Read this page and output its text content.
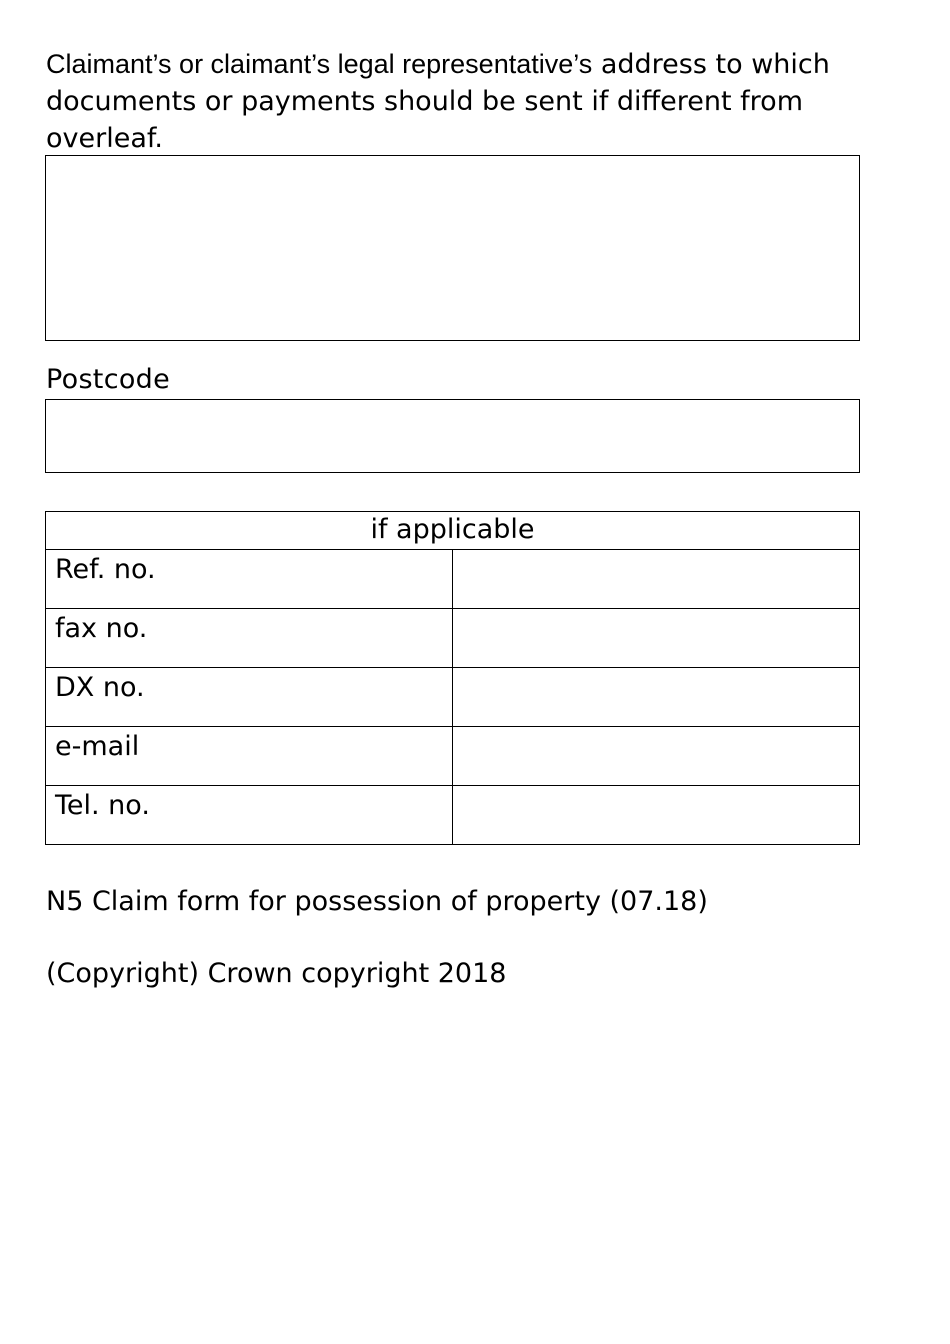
Claimant’s or claimant’s legal representative’s address to which documents or payments should be sent if different from overleaf.

Postcode
if applicable	
Ref. no.	
fax no.	
DX no.	
e-mail	
Tel. no.	
N5 Claim form for possession of property (07.18)
(Copyright) Crown copyright 2018
